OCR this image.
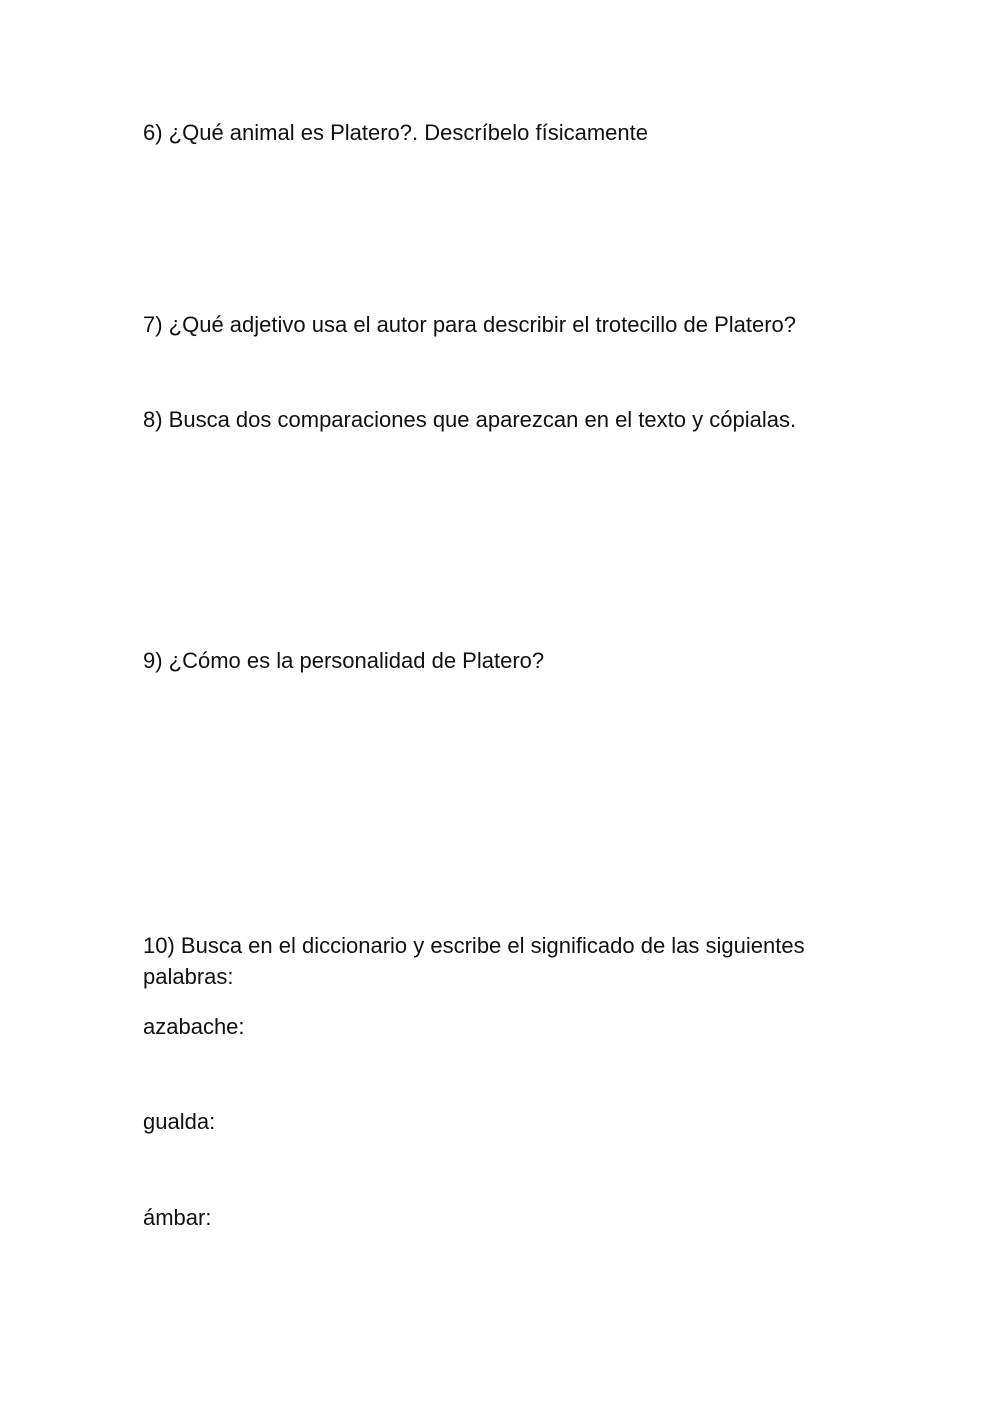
6) ¿Qué animal es Platero?. Descríbelo físicamente

7) ¿Qué adjetivo usa el autor para describir el trotecillo de Platero?

8) Busca dos comparaciones que aparezcan en el texto y cópialas.

9) ¿Cómo es la personalidad de Platero?

10) Busca en el diccionario y escribe el significado de las siguientes

palabras:

azabache:

gualda:

ámbar:
